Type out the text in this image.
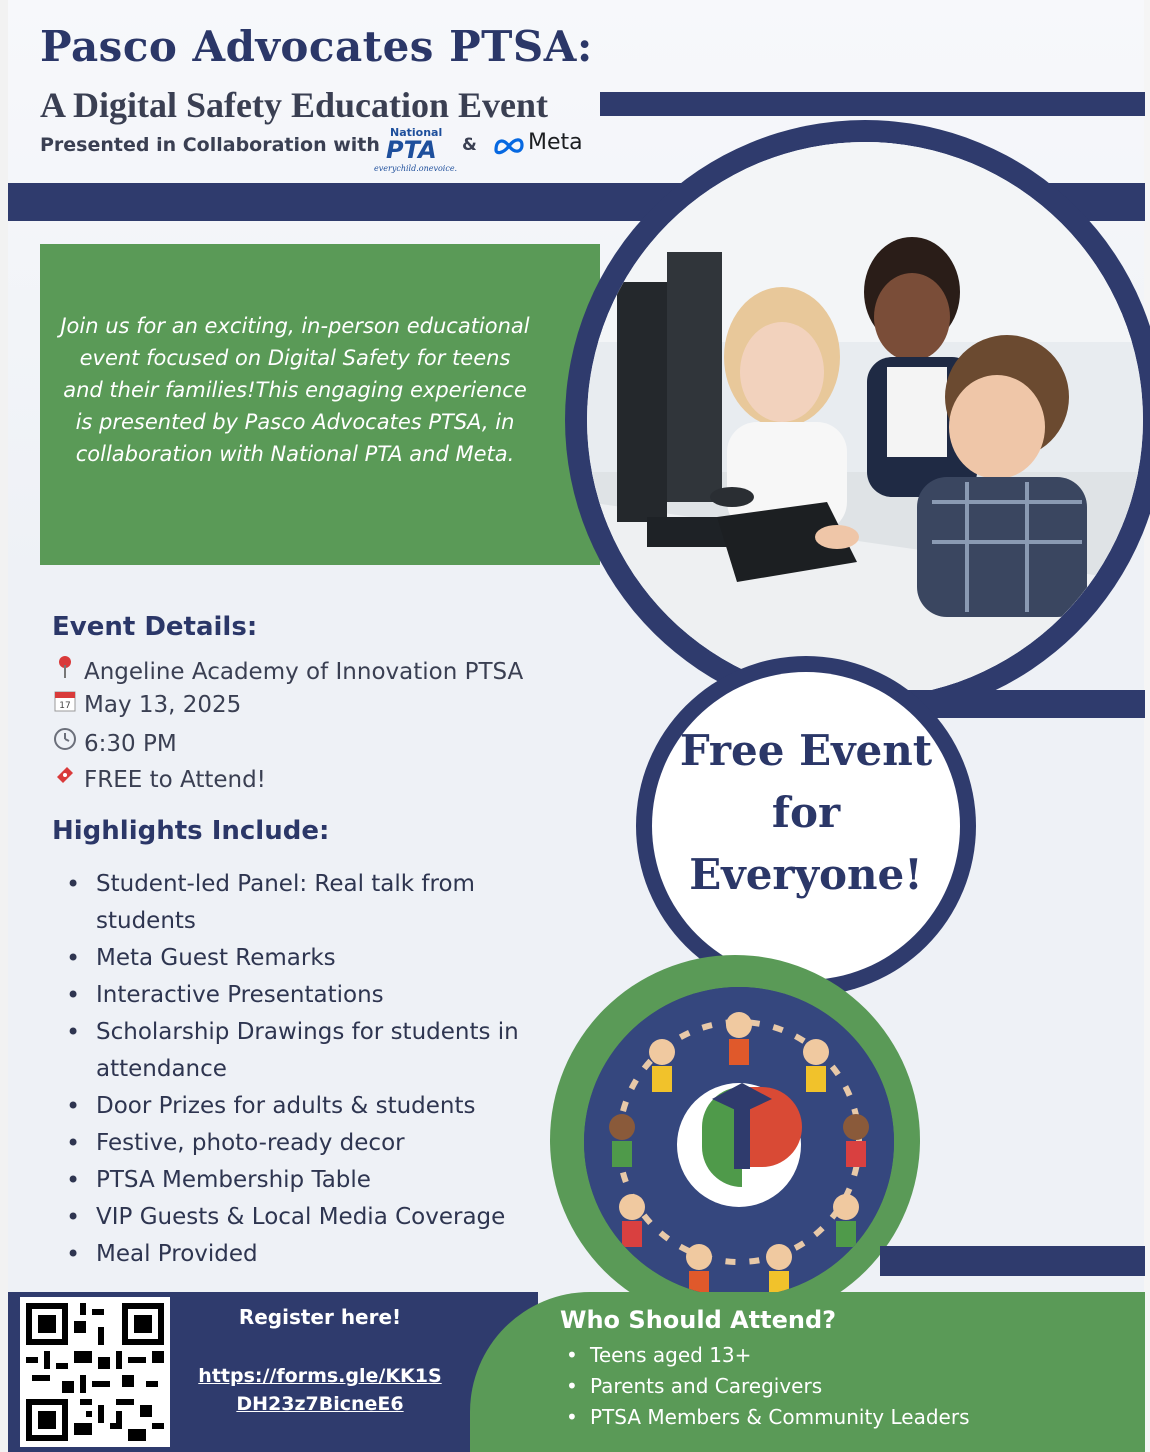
Pasco Advocates PTSA:
A Digital Safety Education Event
Presented in Collaboration with
National
PTA
everychild.onevoice.
& Meta

Join us for an exciting, in-person educational event focused on Digital Safety for teens and their families!This engaging experience is presented by Pasco Advocates PTSA, in collaboration with National PTA and Meta.

Free Event
for
Everyone!

Event Details:
Angeline Academy of Innovation PTSA
17 May 13, 2025
6:30 PM
FREE to Attend!
Highlights Include:
• Student-led Panel: Real talk from students
• Meta Guest Remarks
• Interactive Presentations
• Scholarship Drawings for students in attendance
• Door Prizes for adults & students
• Festive, photo-ready decor
• PTSA Membership Table
• VIP Guests & Local Media Coverage
• Meal Provided
Register here!
https://forms.gle/KK1S
DH23z7BicneE6
Who Should Attend?
• Teens aged 13+
• Parents and Caregivers
• PTSA Members & Community Leaders
